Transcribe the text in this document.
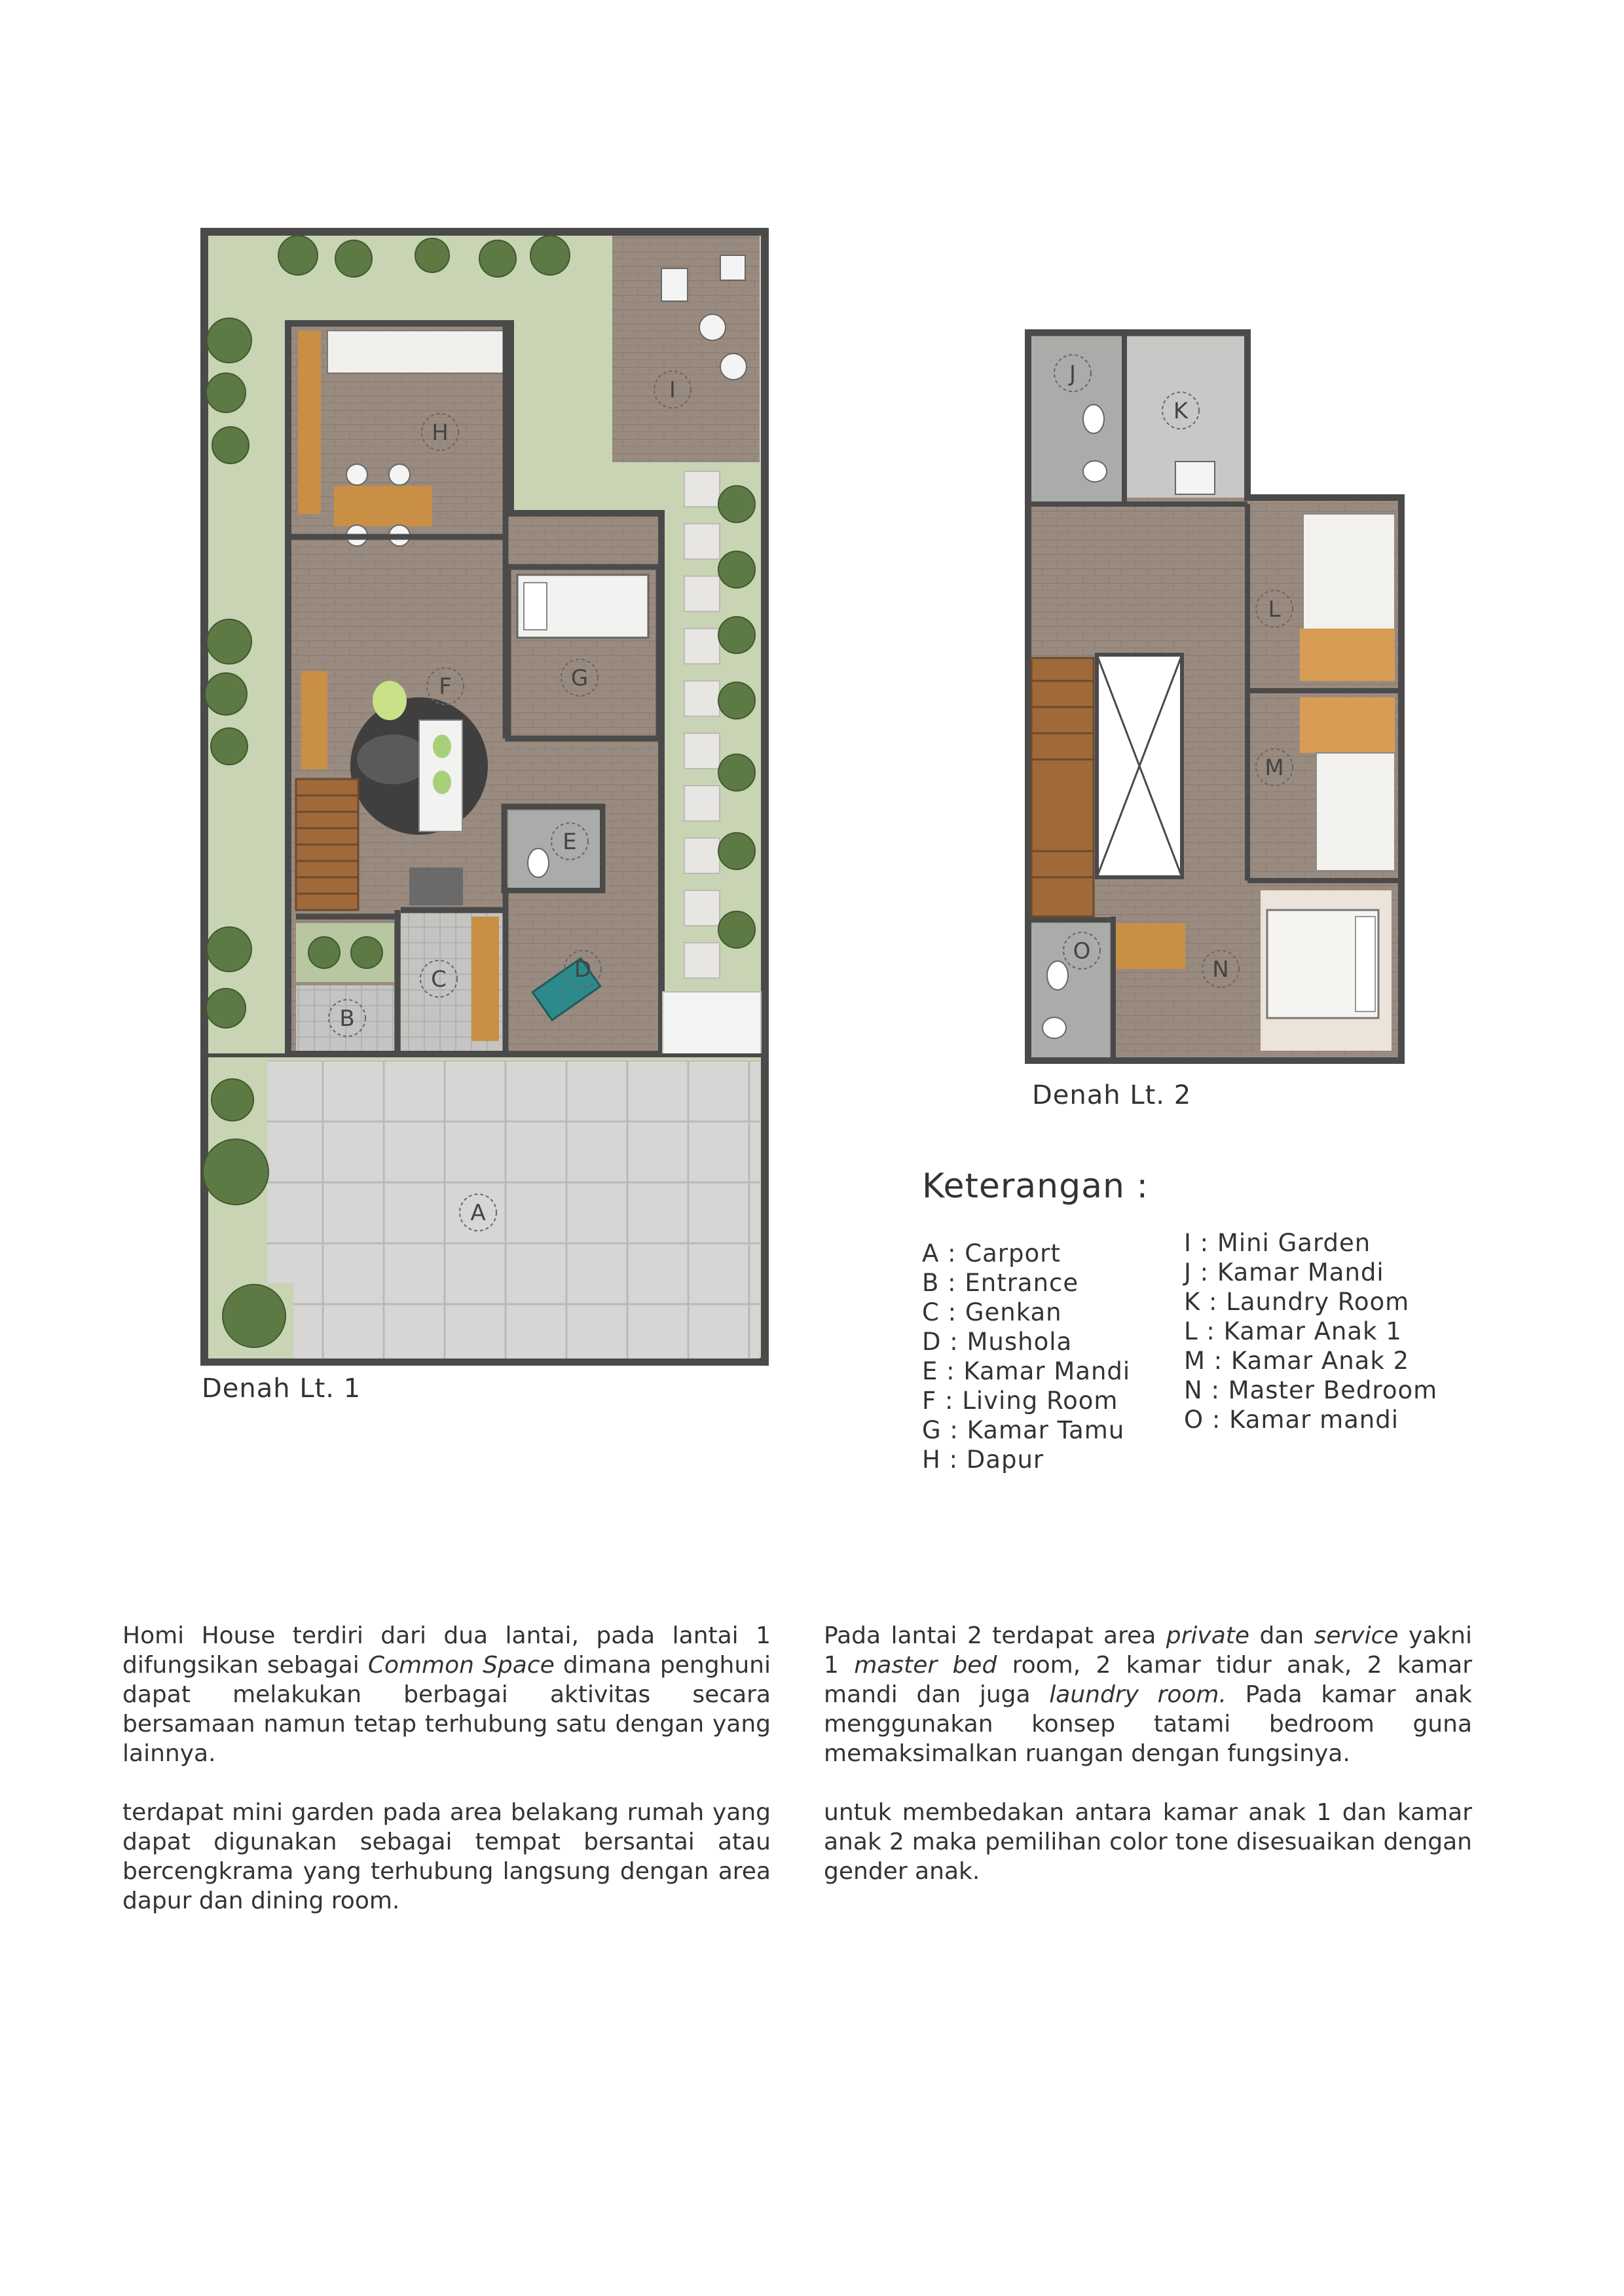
A
B
C	D
E
F	G
H
I
J
K
L
M
N
O
Denah Lt. 1
Denah Lt. 2
Keterangan :
A : Carport
B : Entrance
C : Genkan
D : Mushola
E : Kamar Mandi
F : Living Room
G : Kamar Tamu
H : Dapur
I : Mini Garden
J : Kamar Mandi
K : Laundry Room
L : Kamar Anak 1
M : Kamar Anak 2
N : Master Bedroom
O : Kamar mandi

Homi House terdiri dari dua lantai, pada lantai 1 difungsikan sebagai Common Space dimana penghuni dapat melakukan berbagai aktivitas secara bersamaan namun tetap terhubung satu dengan yang lainnya.

terdapat mini garden pada area belakang rumah yang dapat digunakan sebagai tempat bersantai atau bercengkrama yang terhubung langsung dengan area dapur dan dining room.

Pada lantai 2 terdapat area private dan service yakni 1 master bed room, 2 kamar tidur anak, 2 kamar mandi dan juga laundry room. Pada kamar anak menggunakan konsep tatami bedroom guna memaksimalkan ruangan dengan fungsinya.

untuk membedakan antara kamar anak 1 dan kamar anak 2 maka pemilihan color tone disesuaikan dengan gender anak.
